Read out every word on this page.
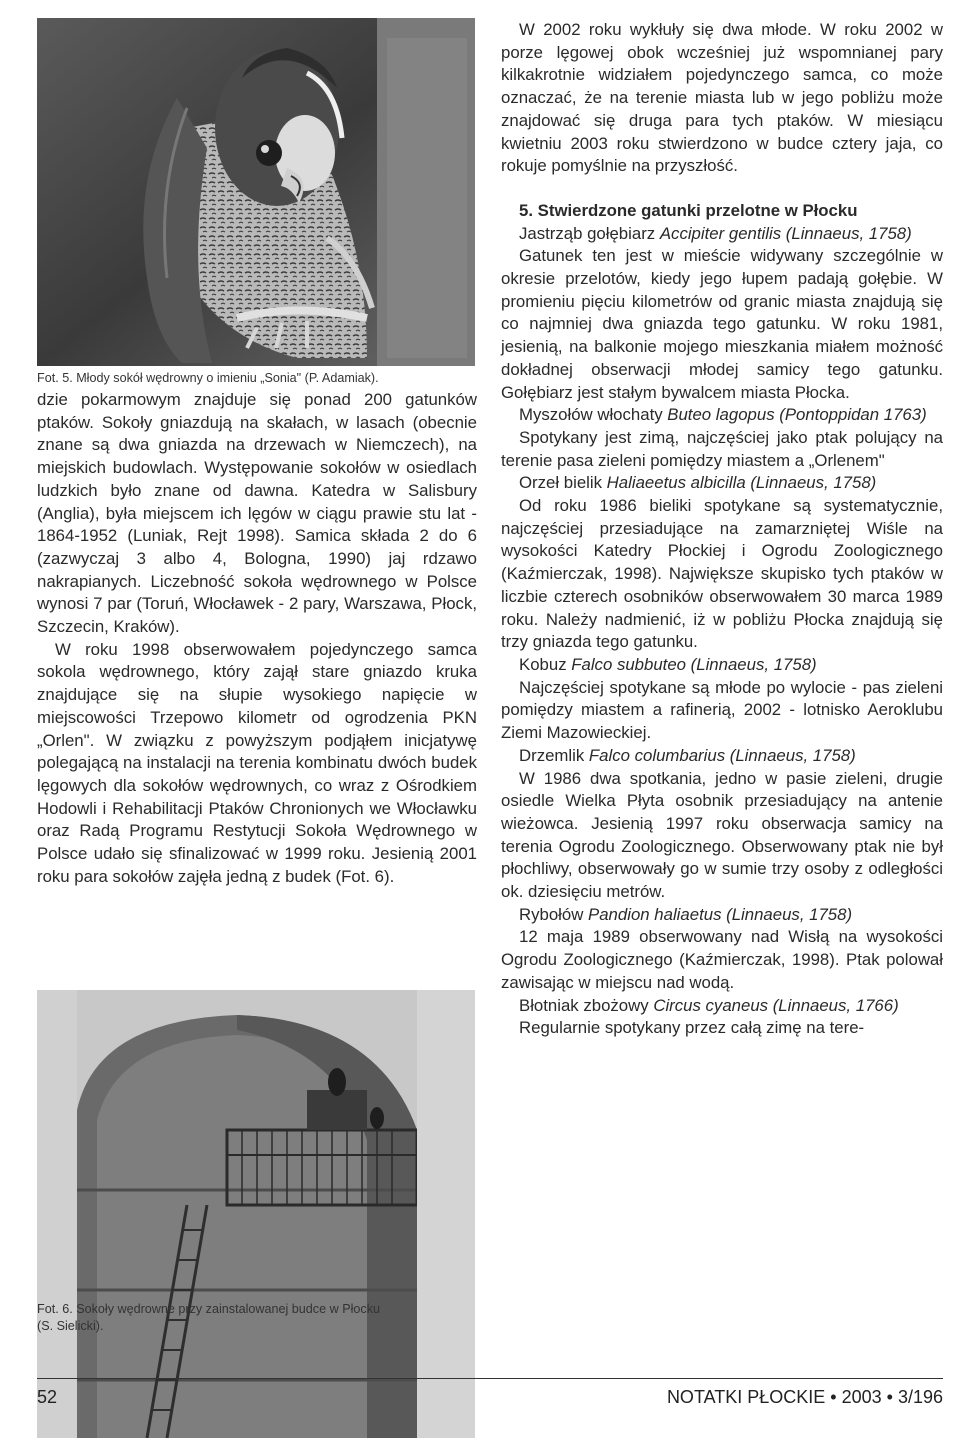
Fot. 5. Młody sokół wędrowny o imieniu „Sonia" (P. Adamiak).

dzie pokarmowym znajduje się ponad 200 gatunków ptaków. Sokoły gniazdują na skałach, w lasach (obecnie znane są dwa gniazda na drzewach w Niemczech), na miejskich budowlach. Występowanie sokołów w osiedlach ludzkich było znane od dawna. Katedra w Salisbury (Anglia), była miejscem ich lęgów w ciągu prawie stu lat - 1864-1952 (Luniak, Rejt 1998). Samica składa 2 do 6 (zazwyczaj 3 albo 4, Bologna, 1990) jaj rdzawo nakrapianych. Liczebność sokoła wędrownego w Polsce wynosi 7 par (Toruń, Włocławek - 2 pary, Warszawa, Płock, Szczecin, Kraków).

W roku 1998 obserwowałem pojedynczego samca sokola wędrownego, który zajął stare gniazdo kruka znajdujące się na słupie wysokiego napięcie w miejscowości Trzepowo kilometr od ogrodzenia PKN „Orlen". W związku z powyższym podjąłem inicjatywę polegającą na instalacji na terenia kombinatu dwóch budek lęgowych dla sokołów wędrownych, co wraz z Ośrodkiem Hodowli i Rehabilitacji Ptaków Chronionych we Włocławku oraz Radą Programu Restytucji Sokoła Wędrownego w Polsce udało się sfinalizować w 1999 roku. Jesienią 2001 roku para sokołów zajęła jedną z budek (Fot. 6).

Fot. 6. Sokoły wędrowne przy zainstalowanej budce w Płocku
(S. Sielicki).

W 2002 roku wykłuły się dwa młode. W roku 2002 w porze lęgowej obok wcześniej już wspomnianej pary kilkakrotnie widziałem pojedynczego samca, co może oznaczać, że na terenie miasta lub w jego pobliżu może znajdować się druga para tych ptaków. W miesiącu kwietniu 2003 roku stwierdzono w budce cztery jaja, co rokuje pomyślnie na przyszłość.

5. Stwierdzone gatunki przelotne w Płocku

Jastrząb gołębiarz Accipiter gentilis (Linnaeus, 1758)

Gatunek ten jest w mieście widywany szczególnie w okresie przelotów, kiedy jego łupem padają gołębie. W promieniu pięciu kilometrów od granic miasta znajdują się co najmniej dwa gniazda tego gatunku. W roku 1981, jesienią, na balkonie mojego mieszkania miałem możność dokładnej obserwacji młodej samicy tego gatunku. Gołębiarz jest stałym bywalcem miasta Płocka.

Myszołów włochaty Buteo lagopus (Pontoppidan 1763)

Spotykany jest zimą, najczęściej jako ptak polujący na terenie pasa zieleni pomiędzy miastem a „Orlenem"

Orzeł bielik Haliaeetus albicilla (Linnaeus, 1758)

Od roku 1986 bieliki spotykane są systematycznie, najczęściej przesiadujące na zamarzniętej Wiśle na wysokości Katedry Płockiej i Ogrodu Zoologicznego (Kaźmierczak, 1998). Największe skupisko tych ptaków w liczbie czterech osobników obserwowałem 30 marca 1989 roku. Należy nadmienić, iż w pobliżu Płocka znajdują się trzy gniazda tego gatunku.

Kobuz Falco subbuteo (Linnaeus, 1758)

Najczęściej spotykane są młode po wylocie - pas zieleni pomiędzy miastem a rafinerią, 2002 - lotnisko Aeroklubu Ziemi Mazowieckiej.

Drzemlik Falco columbarius (Linnaeus, 1758)

W 1986 dwa spotkania, jedno w pasie zieleni, drugie osiedle Wielka Płyta osobnik przesiadujący na antenie wieżowca. Jesienią 1997 roku obserwacja samicy na terenia Ogrodu Zoologicznego. Obserwowany ptak nie był płochliwy, obserwowały go w sumie trzy osoby z odległości ok. dziesięciu metrów.

Rybołów Pandion haliaetus (Linnaeus, 1758)

12 maja 1989 obserwowany nad Wisłą na wysokości Ogrodu Zoologicznego (Kaźmierczak, 1998). Ptak polował zawisając w miejscu nad wodą.

Błotniak zbożowy Circus cyaneus (Linnaeus, 1766)

Regularnie spotykany przez całą zimę na tere-

52	NOTATKI PŁOCKIE • 2003 • 3/196
